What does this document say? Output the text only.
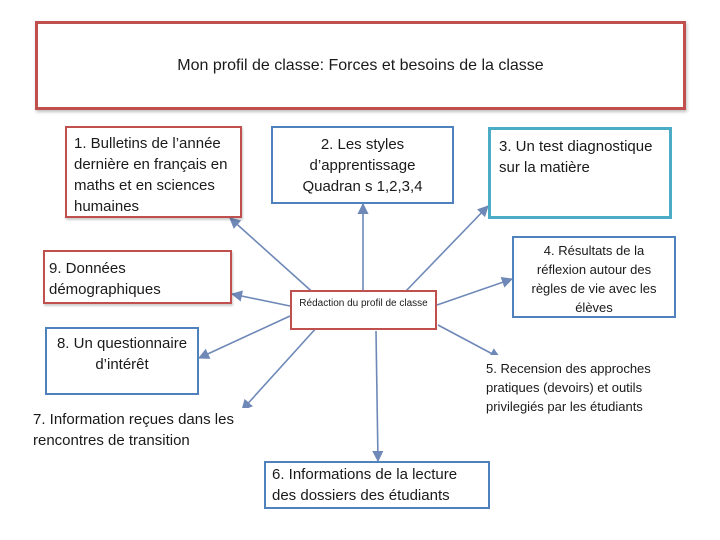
Mon profil de classe: Forces et besoins de la classe
1. Bulletins de l’année dernière en français en maths et en sciences humaines
2. Les styles d’apprentissage Quadran s 1,2,3,4
3. Un test diagnostique sur la matière
Rédaction du profil de classe
4. Résultats de la réflexion autour des règles de vie avec les élèves
5. Recension des approches pratiques (devoirs) et outils privilegiés par les étudiants
6. Informations de la lecture des dossiers des étudiants
7. Information reçues dans les rencontres de transition
8. Un questionnaire d’intérêt
9. Données démographiques
